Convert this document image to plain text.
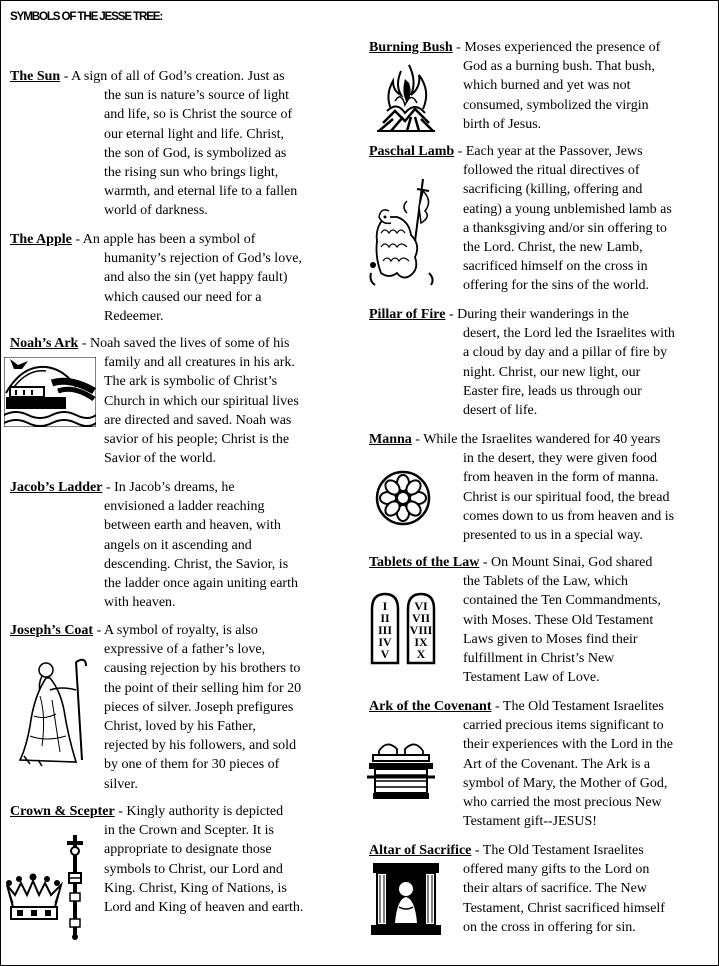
SYMBOLS OF THE JESSE TREE:
The Sun - A sign of all of God’s creation. Just as
the sun is nature’s source of light
and life, so is Christ the source of
our eternal light and life. Christ,
the son of God, is symbolized as
the rising sun who brings light,
warmth, and eternal life to a fallen
world of darkness.
The Apple - An apple has been a symbol of
humanity’s rejection of God’s love,
and also the sin (yet happy fault)
which caused our need for a
Redeemer.
Noah’s Ark - Noah saved the lives of some of his
family and all creatures in his ark.
The ark is symbolic of Christ’s
Church in which our spiritual lives
are directed and saved. Noah was
savior of his people; Christ is the
Savior of the world.
Jacob’s Ladder - In Jacob’s dreams, he
envisioned a ladder reaching
between earth and heaven, with
angels on it ascending and
descending. Christ, the Savior, is
the ladder once again uniting earth
with heaven.
Joseph’s Coat - A symbol of royalty, is also
expressive of a father’s love,
causing rejection by his brothers to
the point of their selling him for 20
pieces of silver. Joseph prefigures
Christ, loved by his Father,
rejected by his followers, and sold
by one of them for 30 pieces of
silver.
Crown & Scepter - Kingly authority is depicted
in the Crown and Scepter. It is
appropriate to designate those
symbols to Christ, our Lord and
King. Christ, King of Nations, is
Lord and King of heaven and earth.
Burning Bush - Moses experienced the presence of
God as a burning bush. That bush,
which burned and yet was not
consumed, symbolized the virgin
birth of Jesus.
Paschal Lamb - Each year at the Passover, Jews
followed the ritual directives of
sacrificing (killing, offering and
eating) a young unblemished lamb as
a thanksgiving and/or sin offering to
the Lord. Christ, the new Lamb,
sacrificed himself on the cross in
offering for the sins of the world.
Pillar of Fire - During their wanderings in the
desert, the Lord led the Israelites with
a cloud by day and a pillar of fire by
night. Christ, our new light, our
Easter fire, leads us through our
desert of life.
Manna - While the Israelites wandered for 40 years
in the desert, they were given food
from heaven in the form of manna.
Christ is our spiritual food, the bread
comes down to us from heaven and is
presented to us in a special way.
Tablets of the Law - On Mount Sinai, God shared
the Tablets of the Law, which
contained the Ten Commandments,
with Moses. These Old Testament
Laws given to Moses find their
fulfillment in Christ’s New
Testament Law of Love.
Ark of the Covenant - The Old Testament Israelites
carried precious items significant to
their experiences with the Lord in the
Art of the Covenant. The Ark is a
symbol of Mary, the Mother of God,
who carried the most precious New
Testament gift--JESUS!
Altar of Sacrifice - The Old Testament Israelites
offered many gifts to the Lord on
their altars of sacrifice. The New
Testament, Christ sacrificed himself
on the cross in offering for sin.
I
II
III
IV
V
VI
VII
VIII
IX
X
